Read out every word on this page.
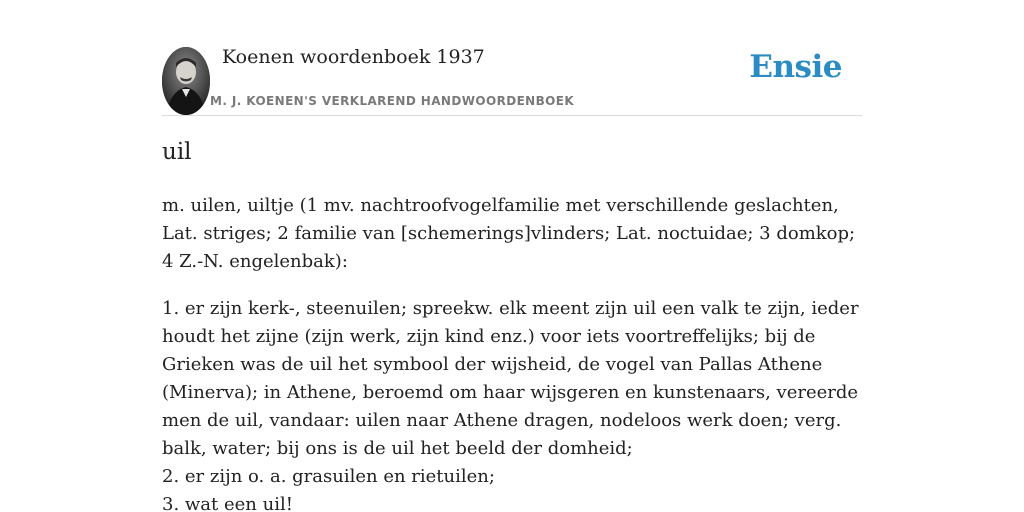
Koenen woordenboek 1937
M. J. KOENEN'S VERKLAREND HANDWOORDENBOEK
Ensie
uil

m. uilen, uiltje (1 mv. nachtroofvogelfamilie met verschillende geslachten, Lat. striges; 2 familie van [schemerings]vlinders; Lat. noctuidae; 3 domkop; 4 Z.-N. engelenbak):

1. er zijn kerk-, steenuilen; spreekw. elk meent zijn uil een valk te zijn, ieder houdt het zijne (zijn werk, zijn kind enz.) voor iets voortreffelijks; bij de Grieken was de uil het symbool der wijsheid, de vogel van Pallas Athene (Minerva); in Athene, beroemd om haar wijsgeren en kunstenaars, vereerde men de uil, vandaar: uilen naar Athene dragen, nodeloos werk doen; verg. balk, water; bij ons is de uil het beeld der domheid;

2. er zijn o. a. grasuilen en rietuilen;

3. wat een uil!
